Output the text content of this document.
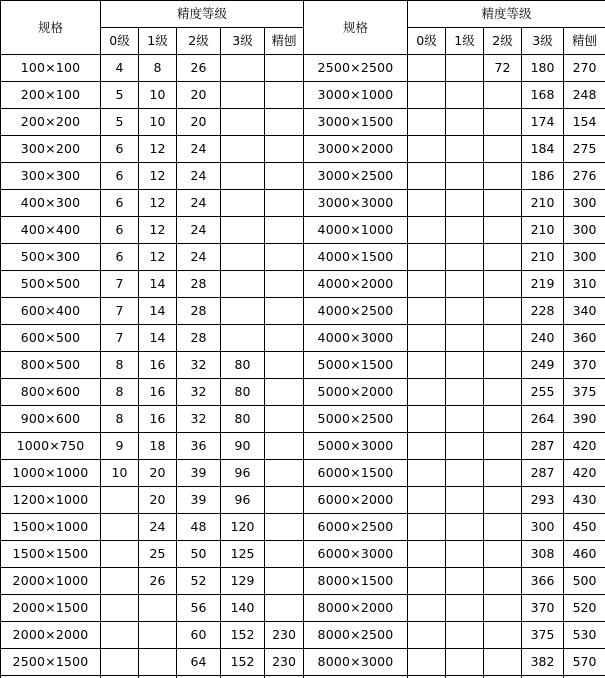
规格	精度等级					规格	精度等级				
	0级	1级	2级	3级	精刨		0级	1级	2级	3级	精刨
100×100	4	8	26			2500×2500			72	180	270
200×100	5	10	20			3000×1000				168	248
200×200	5	10	20			3000×1500				174	154
300×200	6	12	24			3000×2000				184	275
300×300	6	12	24			3000×2500				186	276
400×300	6	12	24			3000×3000				210	300
400×400	6	12	24			4000×1000				210	300
500×300	6	12	24			4000×1500				210	300
500×500	7	14	28			4000×2000				219	310
600×400	7	14	28			4000×2500				228	340
600×500	7	14	28			4000×3000				240	360
800×500	8	16	32	80		5000×1500				249	370
800×600	8	16	32	80		5000×2000				255	375
900×600	8	16	32	80		5000×2500				264	390
1000×750	9	18	36	90		5000×3000				287	420
1000×1000	10	20	39	96		6000×1500				287	420
1200×1000		20	39	96		6000×2000				293	430
1500×1000		24	48	120		6000×2500				300	450
1500×1500		25	50	125		6000×3000				308	460
2000×1000		26	52	129		8000×1500				366	500
2000×1500			56	140		8000×2000				370	520
2000×2000			60	152	230	8000×2500				375	530
2500×1500			64	152	230	8000×3000				382	570
